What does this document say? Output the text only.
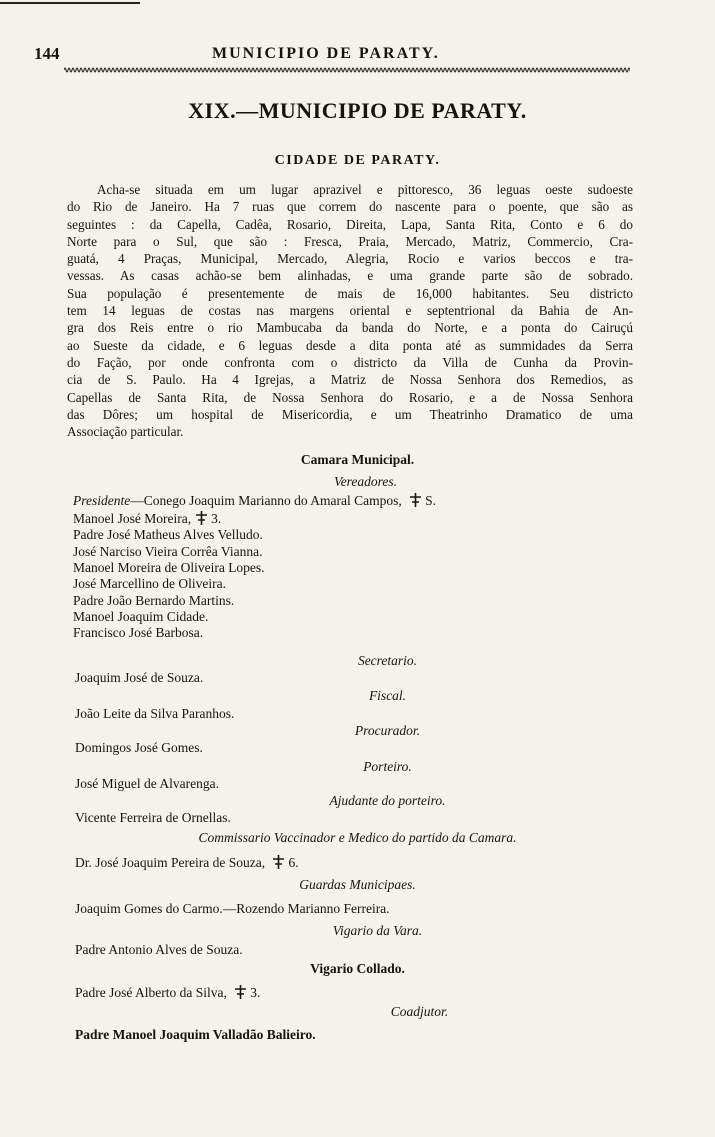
144	MUNICIPIO DE PARATY.
XIX.—MUNICIPIO DE PARATY.
CIDADE DE PARATY.
Acha-se situada em um lugar aprazivel e pittoresco, 36 leguas oeste sudoeste
do Rio de Janeiro. Ha 7 ruas que correm do nascente para o poente, que são as
seguintes : da Capella, Cadêa, Rosario, Direita, Lapa, Santa Rita, Conto e 6 do
Norte para o Sul, que são : Fresca, Praia, Mercado, Matriz, Commercio, Cra-
guatá, 4 Praças, Municipal, Mercado, Alegria, Rocio e varios beccos e tra-
vessas. As casas achão-se bem alinhadas, e uma grande parte são de sobrado.
Sua população é presentemente de mais de 16,000 habitantes. Seu districto
tem 14 leguas de costas nas margens oriental e septentrional da Bahia de An-
gra dos Reis entre o rio Mambucaba da banda do Norte, e a ponta do Cairuçú
ao Sueste da cidade, e 6 leguas desde a dita ponta até as summidades da Serra
do Fação, por onde confronta com o districto da Villa de Cunha da Provin-
cia de S. Paulo. Ha 4 Igrejas, a Matriz de Nossa Senhora dos Remedios, as
Capellas de Santa Rita, de Nossa Senhora do Rosario, e a de Nossa Senhora
das Dôres; um hospital de Misericordia, e um Theatrinho Dramatico de uma
Associação particular.
Camara Municipal.
Vereadores.
Presidente—Conego Joaquim Marianno do Amaral Campos, S.
Manoel José Moreira, 3.
Padre José Matheus Alves Velludo.
José Narciso Vieira Corrêa Vianna.
Manoel Moreira de Oliveira Lopes.
José Marcellino de Oliveira.
Padre João Bernardo Martins.
Manoel Joaquim Cidade.
Francisco José Barbosa.
Secretario.
Joaquim José de Souza.
Fiscal.
João Leite da Silva Paranhos.
Procurador.
Domingos José Gomes.
Porteiro.
José Miguel de Alvarenga.
Ajudante do porteiro.
Vicente Ferreira de Ornellas.
Commissario Vaccinador e Medico do partido da Camara.
Dr. José Joaquim Pereira de Souza, 6.
Guardas Municipaes.
Joaquim Gomes do Carmo.—Rozendo Marianno Ferreira.
Vigario da Vara.
Padre Antonio Alves de Souza.
Vigario Collado.
Padre José Alberto da Silva, 3.
Coadjutor.
Padre Manoel Joaquim Valladão Balieiro.
